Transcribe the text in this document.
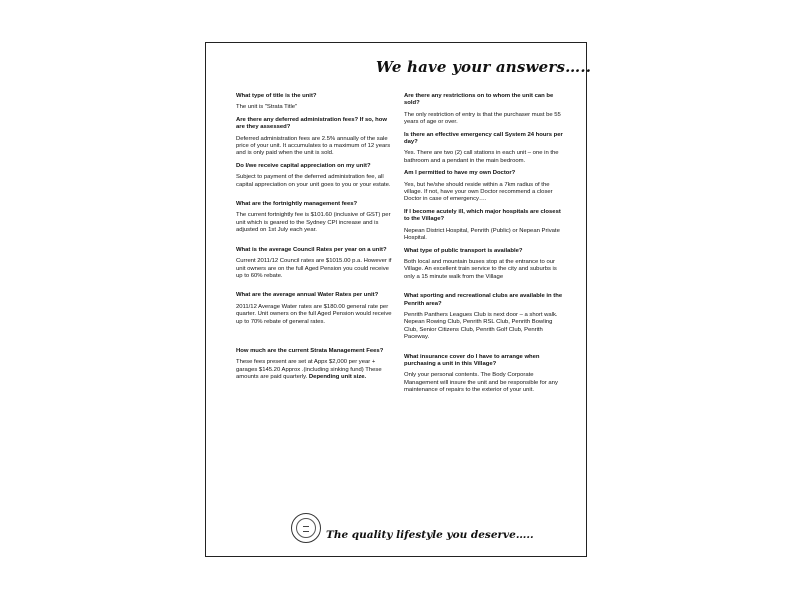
We have your answers…..

What type of title is the unit?

The unit is "Strata Title"

Are there any deferred administration fees? If so, how are they assessed?

Deferred administration fees are 2.5% annually of the sale price of your unit. It accumulates to a maximum of 12 years and is only paid when the unit is sold.

Do I/we receive capital appreciation on my unit?

Subject to payment of the deferred administration fee, all capital appreciation on your unit goes to you or your estate.

What are the fortnightly management fees?

The current fortnightly fee is $101.60 (inclusive of GST) per unit which is geared to the Sydney CPI increase and is adjusted on 1st July each year.

What is the average Council Rates per year on a unit?

Current 2011/12 Council rates are $1015.00 p.a. However if unit owners are on the full Aged Pension you could receive up to 60% rebate.

What are the average annual Water Rates per unit?

2011/12 Average Water rates are $180.00 general rate per quarter. Unit owners on the full Aged Pension would receive up to 70% rebate of general rates.

How much are the current Strata Management Fees?

These fees present are set at Appx $2,000 per year + garages $145.20 Approx .(including sinking fund) These amounts are paid quarterly. Depending unit size.

Are there any restrictions on to whom the unit can be sold?

The only restriction of entry is that the purchaser must be 55 years of age or over.

Is there an effective emergency call System 24 hours per day?

Yes. There are two (2) call stations in each unit – one in the bathroom and a pendant in the main bedroom.

Am I permitted to have my own Doctor?

Yes, but he/she should reside within a 7km radius of the village. If not, have your own Doctor recommend a closer Doctor in case of emergency….

If I become acutely ill, which major hospitals are closest to the Village?

Nepean District Hospital, Penrith (Public) or Nepean Private Hospital.

What type of public transport is available?

Both local and mountain buses stop at the entrance to our Village. An excellent train service to the city and suburbs is only a 15 minute walk from the Village

What sporting and recreational clubs are available in the Penrith area?

Penrith Panthers Leagues Club is next door – a short walk. Nepean Rowing Club, Penrith RSL Club, Penrith Bowling Club, Senior Citizens Club, Penrith Golf Club, Penrith Paceway.

What insurance cover do I have to arrange when purchasing a unit in this Village?

Only your personal contents. The Body Corporate Management will insure the unit and be responsible for any maintenance of repairs to the exterior of your unit.

The quality lifestyle you deserve…..
